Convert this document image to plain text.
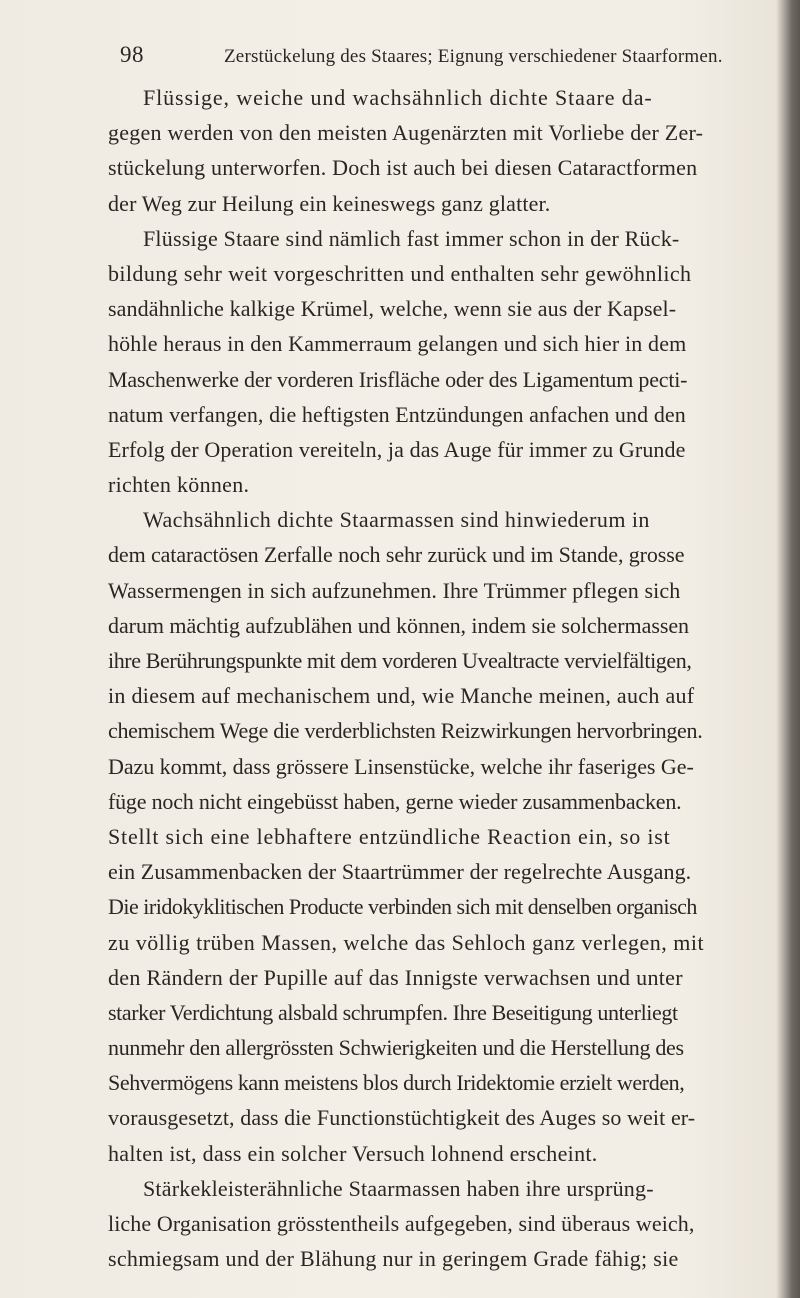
98	Zerstückelung des Staares; Eignung verschiedener Staarformen.
Flüssige, weiche und wachsähnlich dichte Staare da-
gegen werden von den meisten Augenärzten mit Vorliebe der Zer-
stückelung unterworfen. Doch ist auch bei diesen Cataractformen
der Weg zur Heilung ein keineswegs ganz glatter.
Flüssige Staare sind nämlich fast immer schon in der Rück-
bildung sehr weit vorgeschritten und enthalten sehr gewöhnlich
sandähnliche kalkige Krümel, welche, wenn sie aus der Kapsel-
höhle heraus in den Kammerraum gelangen und sich hier in dem
Maschenwerke der vorderen Irisfläche oder des Ligamentum pecti-
natum verfangen, die heftigsten Entzündungen anfachen und den
Erfolg der Operation vereiteln, ja das Auge für immer zu Grunde
richten können.
Wachsähnlich dichte Staarmassen sind hinwiederum in
dem cataractösen Zerfalle noch sehr zurück und im Stande, grosse
Wassermengen in sich aufzunehmen. Ihre Trümmer pflegen sich
darum mächtig aufzublähen und können, indem sie solchermassen
ihre Berührungspunkte mit dem vorderen Uvealtracte vervielfältigen,
in diesem auf mechanischem und, wie Manche meinen, auch auf
chemischem Wege die verderblichsten Reizwirkungen hervorbringen.
Dazu kommt, dass grössere Linsenstücke, welche ihr faseriges Ge-
füge noch nicht eingebüsst haben, gerne wieder zusammenbacken.
Stellt sich eine lebhaftere entzündliche Reaction ein, so ist
ein Zusammenbacken der Staartrümmer der regelrechte Ausgang.
Die iridokyklitischen Producte verbinden sich mit denselben organisch
zu völlig trüben Massen, welche das Sehloch ganz verlegen, mit
den Rändern der Pupille auf das Innigste verwachsen und unter
starker Verdichtung alsbald schrumpfen. Ihre Beseitigung unterliegt
nunmehr den allergrössten Schwierigkeiten und die Herstellung des
Sehvermögens kann meistens blos durch Iridektomie erzielt werden,
vorausgesetzt, dass die Functionstüchtigkeit des Auges so weit er-
halten ist, dass ein solcher Versuch lohnend erscheint.
Stärkekleisterähnliche Staarmassen haben ihre ursprüng-
liche Organisation grösstentheils aufgegeben, sind überaus weich,
schmiegsam und der Blähung nur in geringem Grade fähig; sie
